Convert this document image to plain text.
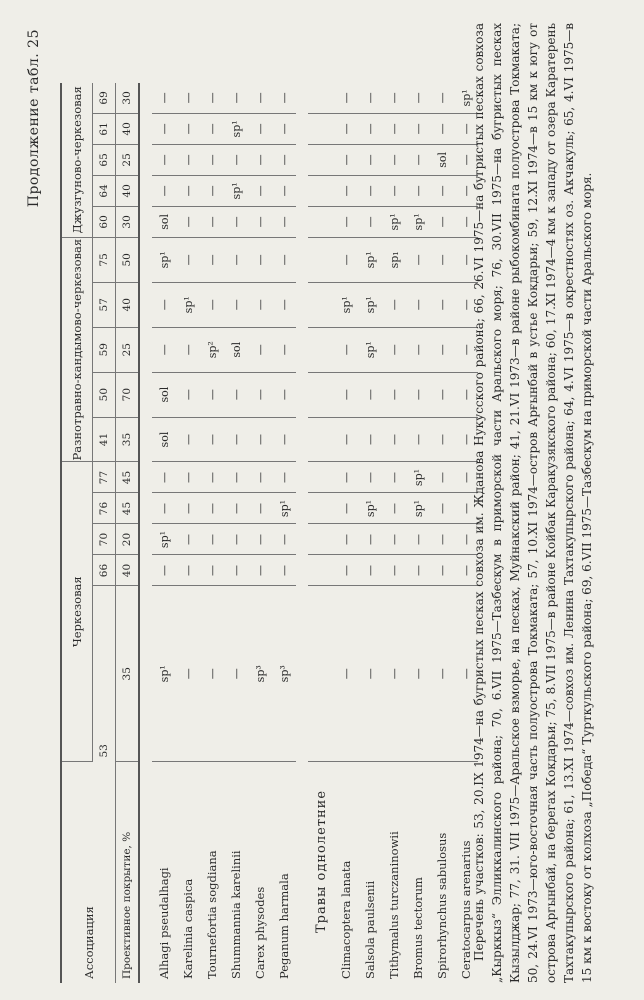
Продолжение табл. 25
Ассоциация	Черкезовая					Разнотравно-кандымово-черкезовая					Джузгуново-черкезовая				
	53	66	70	76	77	41	50	59	57	75	60	64	65	61	69
Проективное покрытие, %	35	40	20	45	45	35	70	25	40	50	30	40	25	40	30

Alhagi pseudalhagi	sp¹	—	sp¹	—	—	sol	sol	—	—	sp¹	sol	—	—	—	—
Karelinia caspica	—	—	—	—	—	—	—	—	sp¹	—	—	—	—	—	—
Tournefortia sogdiana	—	—	—	—	—	—	—	sp²	—	—	—	—	—	—	—
Shummannia karelinii	—	—	—	—	—	—	—	sol	—	—	—	sp¹	—	sp¹	—
Carex physodes	sp³	—	—	—	—	—	—	—	—	—	—	—	—	—	—
Peganum harmala	sp³	—	—	sp¹	—	—	—	—	—	—	—	—	—	—	—

Травы однолетние															
Climacoptera lanata	—	—	—	—	—	—	—	—	sp¹	—	—	—	—	—	—
Salsola paulsenii	—	—	—	sp¹	—	—	—	sp¹	sp¹	sp¹	—	—	—	—	—
Tithymalus turczaninowii	—	—	—	—	—	—	—	—	—	sp₁	sp¹	—	—	—	—
Bromus tectorum	—	—	—	sp¹	sp¹	—	—	—	—	—	sp¹	—	—	—	—
Spirorhynchus sabulosus	—	—	—	—	—	—	—	—	—	—	—	—	sol	—	—
Ceratocarpus arenarius	—	—	—	—	—	—	—	—	—	—	—	—	—	—	sp¹ Перечень участков: 53, 20.IX 1974—на бугристых песках совхоза им. Жданова Нукусского района; 66, 26.VI 1975—на бугристых песках совхоза „Кырккыз“ Элликкалинского района; 70, 6.VII 1975—Тазбескум в приморской части Аральского моря; 76, 30.VII 1975—на бугристых песках Кызылджар; 77, 31. VII 1975—Аральское взморье, на песках, Муйнакский район; 41, 21.VI 1973—в районе рыбокомбината полуострова Токмаката; 50, 24.VI 1973—юго-восточная часть полуострова Токмаката; 57, 10.XI 1974—остров Арғынбай в устье Кокдарьи; 59, 12.XI 1974—в 15 км к югу от острова Аргынбай, на берегах Кокдарьи; 75, 8.VII 1975—в районе Койбак Каракузякского района; 60, 17.XI 1974—4 км к западу от озера Каратерень Тахтакупырского района; 61, 13.XI 1974—совхоз им. Ленина Тахтакупырского района; 64, 4.VI 1975—в окрестностях оз. Акчакуль; 65, 4.VI 1975—в 15 км к востоку от колхоза „Победа“ Турткульского района; 69, 6.VII 1975—Тазбескум на приморской части Аральского моря.
